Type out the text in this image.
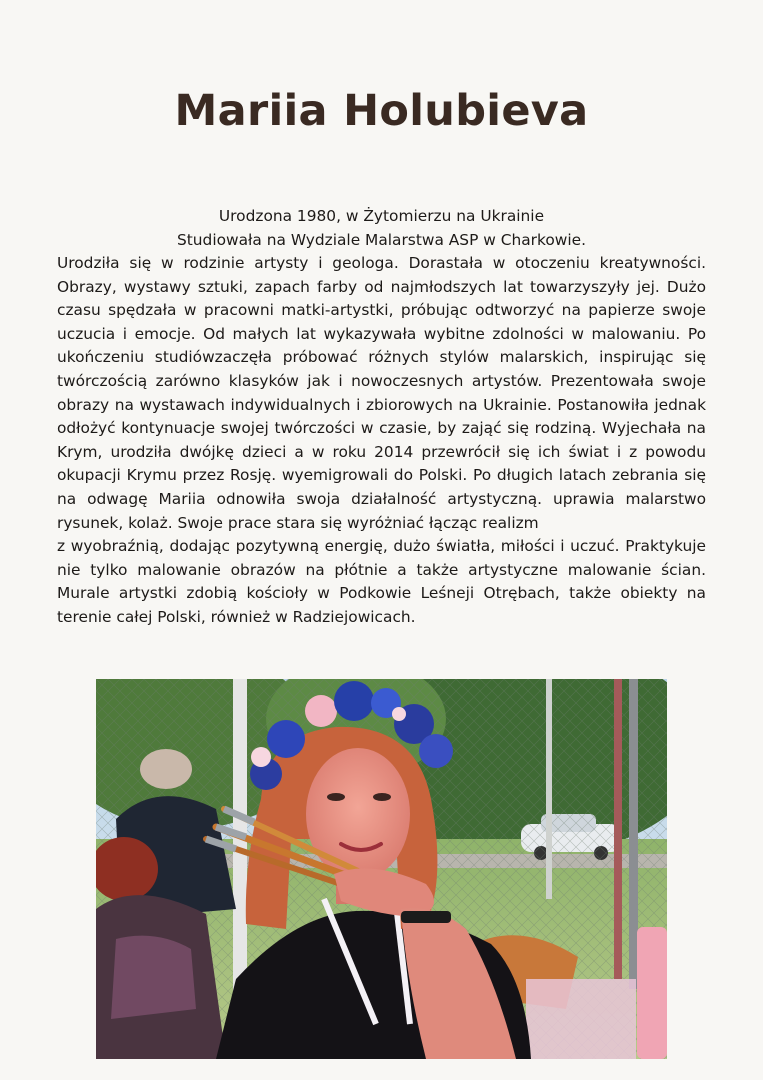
Mariia Holubieva
Urodzona 1980, w Żytomierzu na Ukrainie
Studiowała na Wydziale Malarstwa ASP w Charkowie.

Urodziła się w rodzinie artysty i geologa. Dorastała w otoczeniu kreatywności. Obrazy, wystawy sztuki, zapach farby od najmłodszych lat towarzyszyły jej. Dużo czasu spędzała w pracowni matki-artystki, próbując odtworzyć na papierze swoje uczucia i emocje. Od małych lat wykazywała wybitne zdolności w malowaniu. Po ukończeniu studiówzaczęła próbować różnych stylów malarskich, inspirując się twórczością zarówno klasyków jak i nowoczesnych artystów. Prezentowała swoje obrazy na wystawach indywidualnych i zbiorowych na Ukrainie. Postanowiła jednak odłożyć kontynuacje swojej twórczości w czasie, by zająć się rodziną. Wyjechała na Krym, urodziła dwójkę dzieci a w roku 2014 przewrócił się ich świat i z powodu okupacji Krymu przez Rosję. wyemigrowali do Polski. Po długich latach zebrania się na odwagę Mariia odnowiła swoja działalność artystyczną. uprawia malarstwo rysunek, kolaż. Swoje prace stara się wyróżniać łącząc realizm

z wyobraźnią, dodając pozytywną energię, dużo światła, miłości i uczuć. Praktykuje nie tylko malowanie obrazów na płótnie a także artystyczne malowanie ścian. Murale artystki zdobią kościoły w Podkowie Leśneji Otrębach, także obiekty na terenie całej Polski, również w Radziejowicach.
